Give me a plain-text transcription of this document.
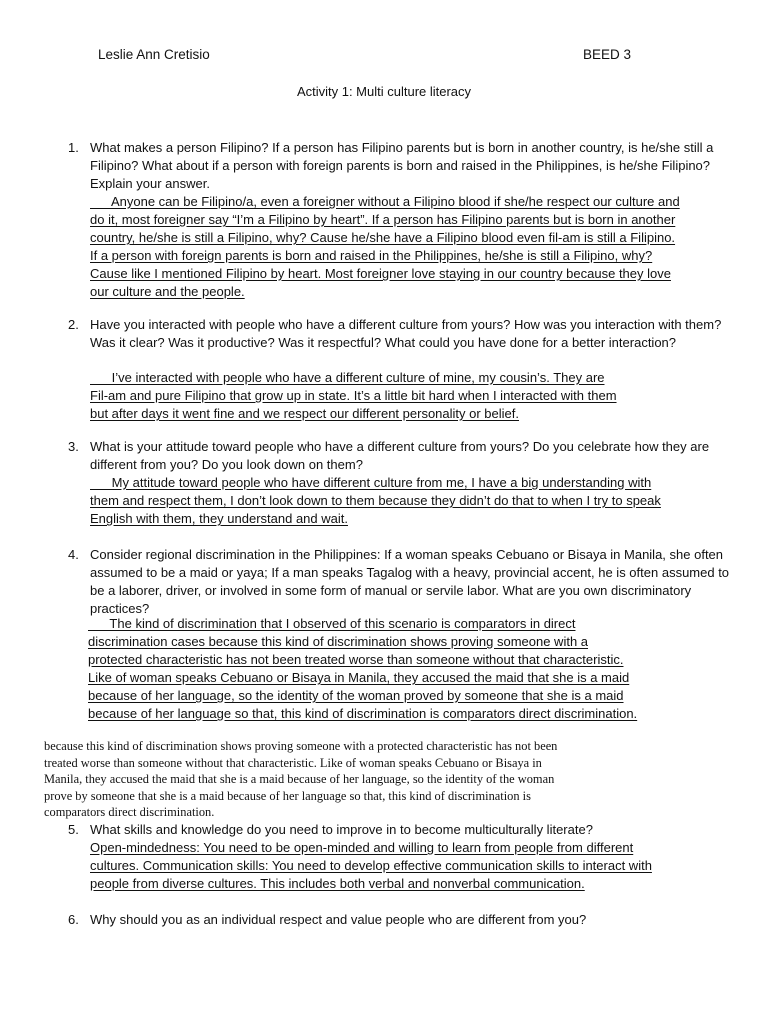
Leslie Ann Cretisio	BEED 3
Activity 1: Multi culture literacy
1. What makes a person Filipino? If a person has Filipino parents but is born in another country, is he/she still a Filipino? What about if a person with foreign parents is born and raised in the Philippines, is he/she Filipino? Explain your answer.
Anyone can be Filipino/a, even a foreigner without a Filipino blood if she/he respect our culture and
do it, most foreigner say “I’m a Filipino by heart”. If a person has Filipino parents but is born in another
country, he/she is still a Filipino, why? Cause he/she have a Filipino blood even fil-am is still a Filipino.
If a person with foreign parents is born and raised in the Philippines, he/she is still a Filipino, why?
Cause like I mentioned Filipino by heart. Most foreigner love staying in our country because they love
our culture and the people.
2. Have you interacted with people who have a different culture from yours? How was you interaction with them? Was it clear? Was it productive? Was it respectful? What could you have done for a better interaction?
I’ve interacted with people who have a different culture of mine, my cousin’s. They are
Fil-am and pure Filipino that grow up in state. It’s a little bit hard when I interacted with them
but after days it went fine and we respect our different personality or belief.
3. What is your attitude toward people who have a different culture from yours? Do you celebrate how they are different from you? Do you look down on them?
My attitude toward people who have different culture from me, I have a big understanding with
them and respect them, I don’t look down to them because they didn’t do that to when I try to speak
English with them, they understand and wait.
4. Consider regional discrimination in the Philippines: If a woman speaks Cebuano or Bisaya in Manila, she often assumed to be a maid or yaya; If a man speaks Tagalog with a heavy, provincial accent, he is often assumed to be a laborer, driver, or involved in some form of manual or servile labor. What are you own discriminatory practices?
The kind of discrimination that I observed of this scenario is comparators in direct
discrimination cases because this kind of discrimination shows proving someone with a
protected characteristic has not been treated worse than someone without that characteristic.
Like of woman speaks Cebuano or Bisaya in Manila, they accused the maid that she is a maid
because of her language, so the identity of the woman proved by someone that she is a maid
because of her language so that, this kind of discrimination is comparators direct discrimination.
because this kind of discrimination shows proving someone with a protected characteristic has not been
treated worse than someone without that characteristic. Like of woman speaks Cebuano or Bisaya in
Manila, they accused the maid that she is a maid because of her language, so the identity of the woman
prove by someone that she is a maid because of her language so that, this kind of discrimination is
comparators direct discrimination.
5. What skills and knowledge do you need to improve in to become multiculturally literate?
Open-mindedness: You need to be open-minded and willing to learn from people from different
cultures. Communication skills: You need to develop effective communication skills to interact with
people from diverse cultures. This includes both verbal and nonverbal communication.
6. Why should you as an individual respect and value people who are different from you?
